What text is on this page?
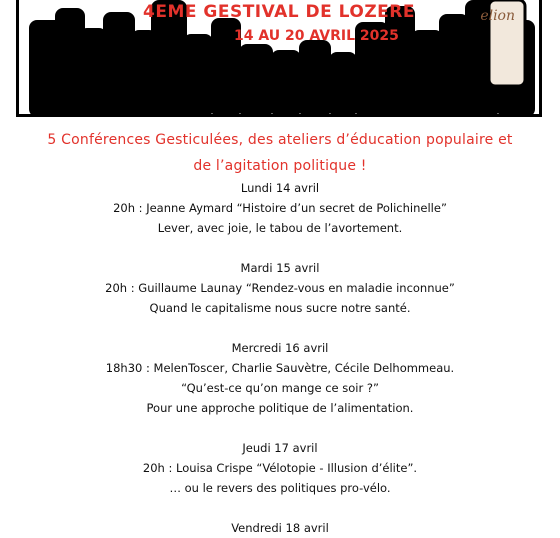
4EME GESTIVAL DE LOZERE
14 AU 20 AVRIL 2025
elion
5 Conférences Gesticulées, des ateliers d’éducation populaire et
de l’agitation politique !
Lundi 14 avril
20h : Jeanne Aymard “Histoire d’un secret de Polichinelle”
Lever, avec joie, le tabou de l’avortement.
Mardi 15 avril
20h : Guillaume Launay “Rendez-vous en maladie inconnue”
Quand le capitalisme nous sucre notre santé.
Mercredi 16 avril
18h30 : MelenToscer, Charlie Sauvètre, Cécile Delhommeau.
“Qu’est-ce qu’on mange ce soir ?”
Pour une approche politique de l’alimentation.
Jeudi 17 avril
20h : Louisa Crispe “Vélotopie - Illusion d’élite”.
… ou le revers des politiques pro-vélo.
Vendredi 18 avril
